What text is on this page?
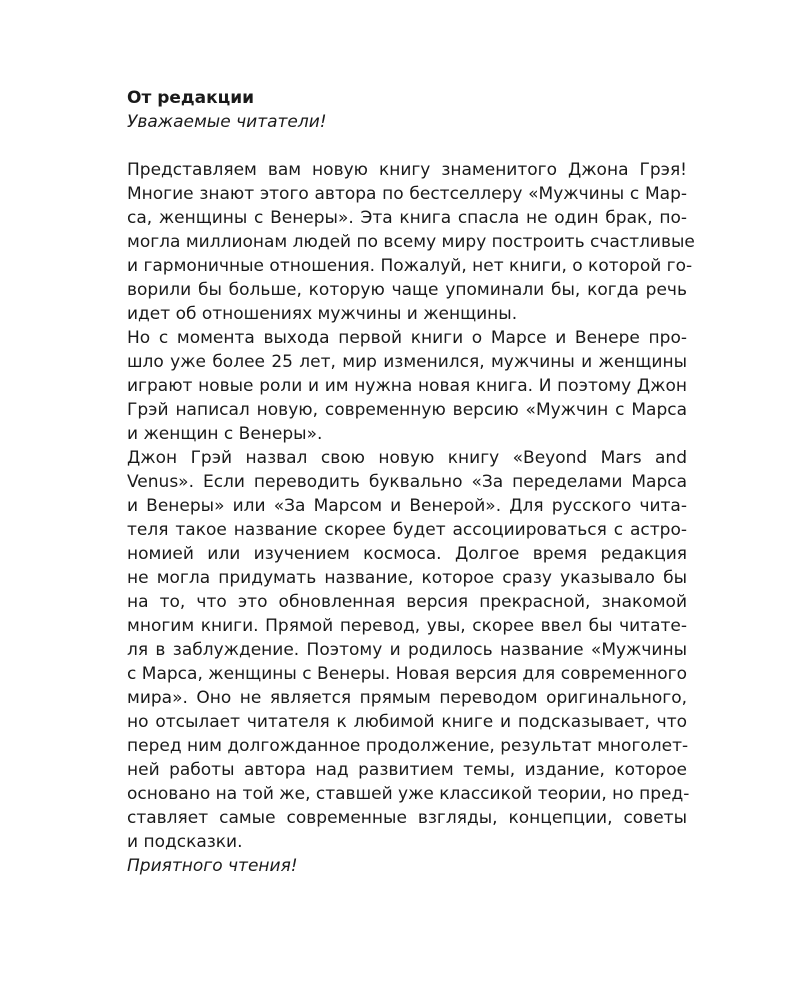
От редакции
Уважаемые читатели!
Представляем вам новую книгу знаменитого Джона Грэя!
Многие знают этого автора по бестселлеру «Мужчины с Мар-
са, женщины с Венеры». Эта книга спасла не один брак, по-
могла миллионам людей по всему миру построить счастливые
и гармоничные отношения. Пожалуй, нет книги, о которой го-
ворили бы больше, которую чаще упоминали бы, когда речь
идет об отношениях мужчины и женщины.
Но с момента выхода первой книги о Марсе и Венере про-
шло уже более 25 лет, мир изменился, мужчины и женщины
играют новые роли и им нужна новая книга. И поэтому Джон
Грэй написал новую, современную версию «Мужчин с Марса
и женщин с Венеры».
Джон Грэй назвал свою новую книгу «Beyond Mars and
Venus». Если переводить буквально «За переделами Марса
и Венеры» или «За Марсом и Венерой». Для русского чита-
теля такое название скорее будет ассоциироваться с астро-
номией или изучением космоса. Долгое время редакция
не могла придумать название, которое сразу указывало бы
на то, что это обновленная версия прекрасной, знакомой
многим книги. Прямой перевод, увы, скорее ввел бы читате-
ля в заблуждение. Поэтому и родилось название «Мужчины
с Марса, женщины с Венеры. Новая версия для современного
мира». Оно не является прямым переводом оригинального,
но отсылает читателя к любимой книге и подсказывает, что
перед ним долгожданное продолжение, результат многолет-
ней работы автора над развитием темы, издание, которое
основано на той же, ставшей уже классикой теории, но пред-
ставляет самые современные взгляды, концепции, советы
и подсказки.
Приятного чтения!
